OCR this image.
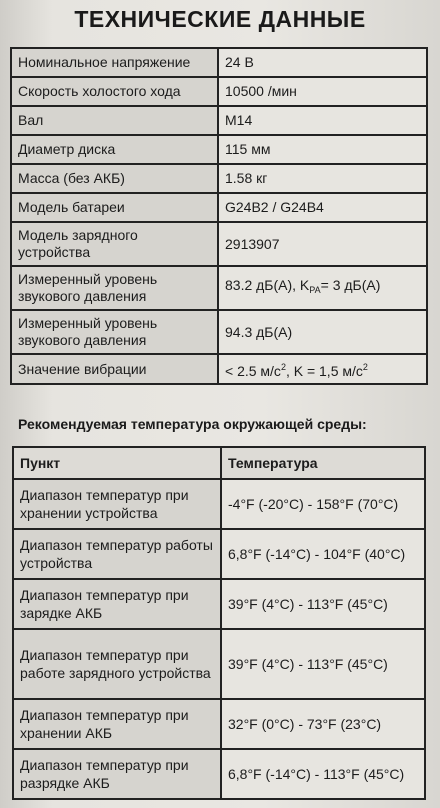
ТЕХНИЧЕСКИЕ ДАННЫЕ
Номинальное напряжение	24 В
Скорость холостого хода	10500 /мин
Вал	M14
Диаметр диска	115 мм
Масса (без АКБ)	1.58 кг
Модель батареи	G24B2 / G24B4
Модель зарядного устройства	2913907
Измеренный уровень звукового давления	83.2 дБ(A), $K_{PA}= 3$ дБ(A)
Измеренный уровень звукового давления	94.3 дБ(A)
Значение вибрации	< 2.5 $м/с^2$, K = 1,5 $м/с^2$
Рекомендуемая температура окружающей среды:
Пункт	Температура
Диапазон температур при хранении устройства	-4°F (-20°C) - 158°F (70°C)
Диапазон температур работы устройства	6,8°F (-14°C) - 104°F (40°C)
Диапазон температур при зарядке АКБ	39°F (4°C) - 113°F (45°C)
Диапазон температур при работе зарядного устройства	39°F (4°C) - 113°F (45°C)
Диапазон температур при хранении АКБ	32°F (0°C) - 73°F (23°C)
Диапазон температур при разрядке АКБ	6,8°F (-14°C) - 113°F (45°C)
